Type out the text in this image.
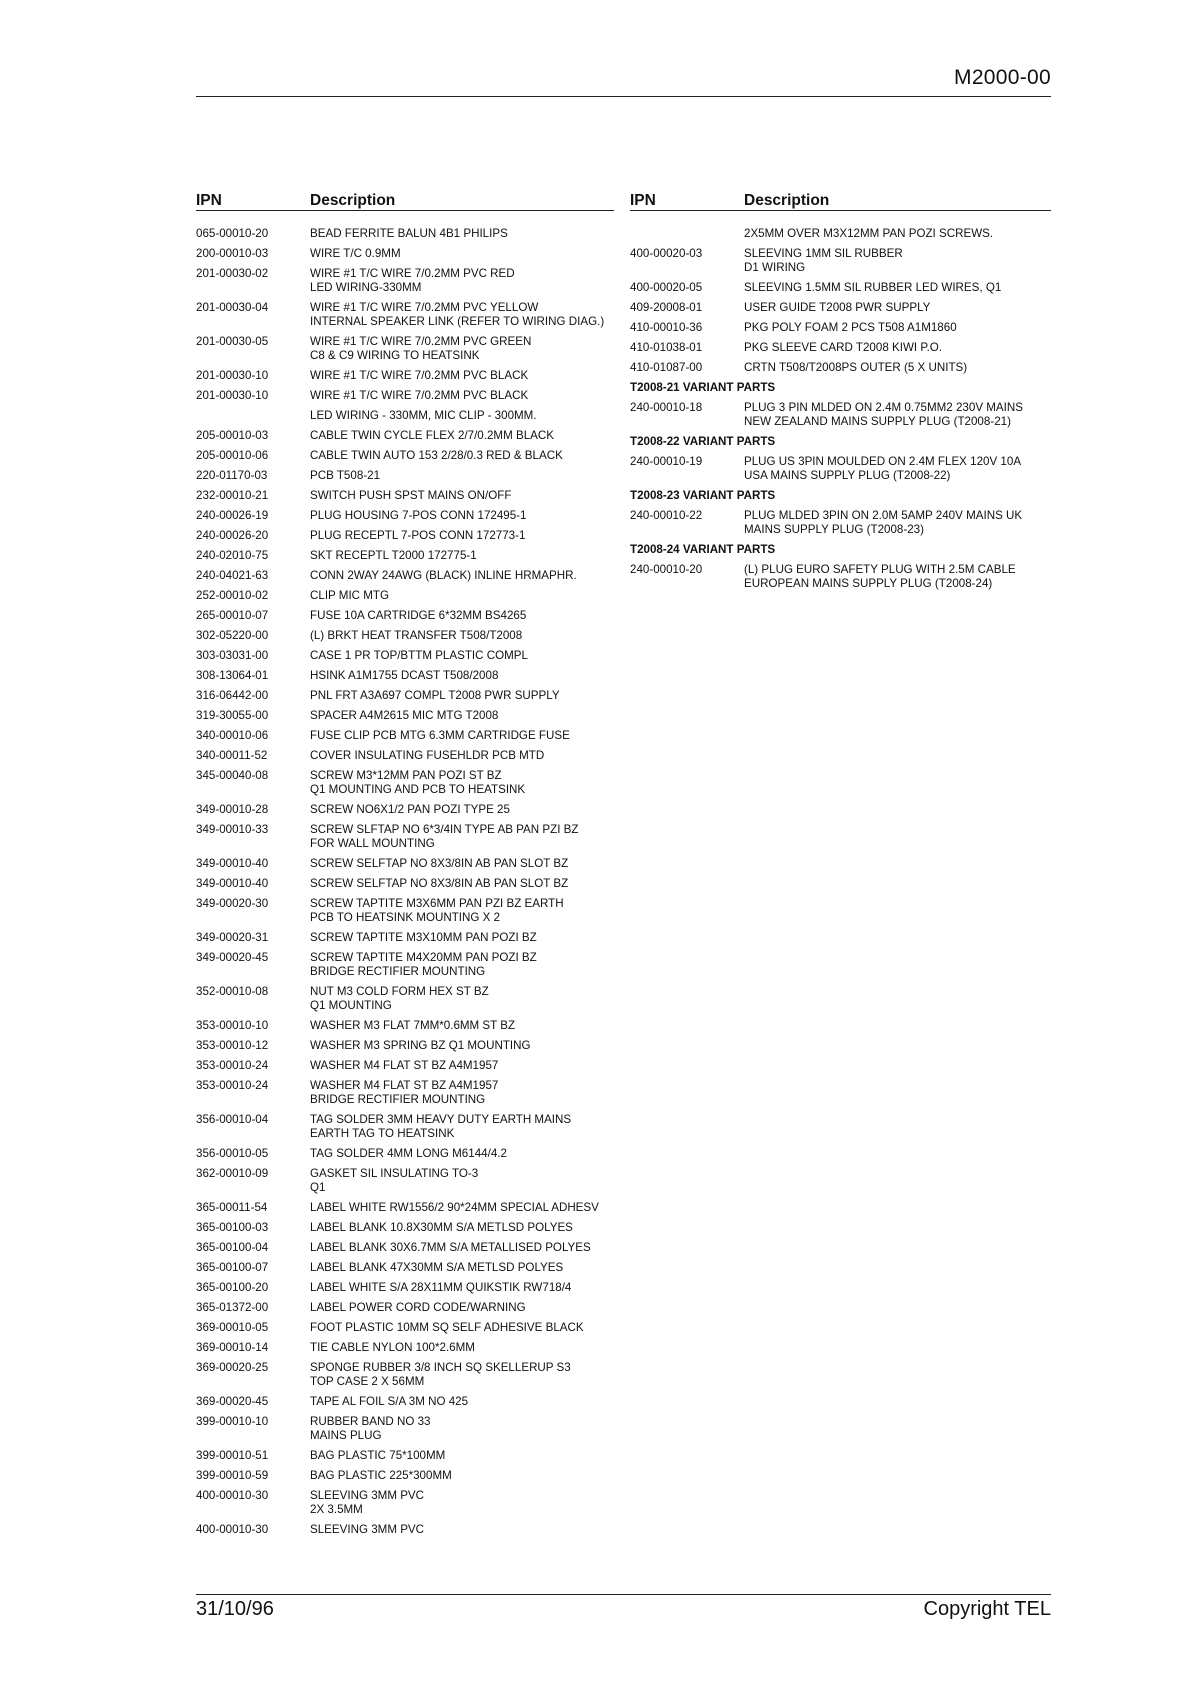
M2000-00
IPN	Description
065-00010-20	BEAD FERRITE BALUN 4B1 PHILIPS
200-00010-03	WIRE T/C 0.9MM
201-00030-02	WIRE #1 T/C WIRE 7/0.2MM PVC RED
LED WIRING-330MM
201-00030-04	WIRE #1 T/C WIRE 7/0.2MM PVC YELLOW
INTERNAL SPEAKER LINK (REFER TO WIRING DIAG.)
201-00030-05	WIRE #1 T/C WIRE 7/0.2MM PVC GREEN
C8 & C9 WIRING TO HEATSINK
201-00030-10	WIRE #1 T/C WIRE 7/0.2MM PVC BLACK
201-00030-10	WIRE #1 T/C WIRE 7/0.2MM PVC BLACK
LED WIRING - 330MM, MIC CLIP - 300MM.
205-00010-03	CABLE TWIN CYCLE FLEX 2/7/0.2MM BLACK
205-00010-06	CABLE TWIN AUTO 153 2/28/0.3 RED & BLACK
220-01170-03	PCB T508-21
232-00010-21	SWITCH PUSH SPST MAINS ON/OFF
240-00026-19	PLUG HOUSING 7-POS CONN 172495-1
240-00026-20	PLUG RECEPTL 7-POS CONN 172773-1
240-02010-75	SKT RECEPTL T2000 172775-1
240-04021-63	CONN 2WAY 24AWG (BLACK) INLINE HRMAPHR.
252-00010-02	CLIP MIC MTG
265-00010-07	FUSE 10A CARTRIDGE 6*32MM BS4265
302-05220-00	(L) BRKT HEAT TRANSFER T508/T2008
303-03031-00	CASE 1 PR TOP/BTTM PLASTIC COMPL
308-13064-01	HSINK A1M1755 DCAST T508/2008
316-06442-00	PNL FRT A3A697 COMPL T2008 PWR SUPPLY
319-30055-00	SPACER A4M2615 MIC MTG T2008
340-00010-06	FUSE CLIP PCB MTG 6.3MM CARTRIDGE FUSE
340-00011-52	COVER INSULATING FUSEHLDR PCB MTD
345-00040-08	SCREW M3*12MM PAN POZI ST BZ
Q1 MOUNTING AND PCB TO HEATSINK
349-00010-28	SCREW NO6X1/2 PAN POZI TYPE 25
349-00010-33	SCREW SLFTAP NO 6*3/4IN TYPE AB PAN PZI BZ
FOR WALL MOUNTING
349-00010-40	SCREW SELFTAP NO 8X3/8IN AB PAN SLOT BZ
349-00010-40	SCREW SELFTAP NO 8X3/8IN AB PAN SLOT BZ
349-00020-30	SCREW TAPTITE M3X6MM PAN PZI BZ EARTH
PCB TO HEATSINK MOUNTING X 2
349-00020-31	SCREW TAPTITE M3X10MM PAN POZI BZ
349-00020-45	SCREW TAPTITE M4X20MM PAN POZI BZ
BRIDGE RECTIFIER MOUNTING
352-00010-08	NUT M3 COLD FORM HEX ST BZ
Q1 MOUNTING
353-00010-10	WASHER M3 FLAT 7MM*0.6MM ST BZ
353-00010-12	WASHER M3 SPRING BZ Q1 MOUNTING
353-00010-24	WASHER M4 FLAT ST BZ A4M1957
353-00010-24	WASHER M4 FLAT ST BZ A4M1957
BRIDGE RECTIFIER MOUNTING
356-00010-04	TAG SOLDER 3MM HEAVY DUTY EARTH MAINS
EARTH TAG TO HEATSINK
356-00010-05	TAG SOLDER 4MM LONG M6144/4.2
362-00010-09	GASKET SIL INSULATING TO-3
Q1
365-00011-54	LABEL WHITE RW1556/2 90*24MM SPECIAL ADHESV
365-00100-03	LABEL BLANK 10.8X30MM S/A METLSD POLYES
365-00100-04	LABEL BLANK 30X6.7MM S/A METALLISED POLYES
365-00100-07	LABEL BLANK 47X30MM S/A METLSD POLYES
365-00100-20	LABEL WHITE S/A 28X11MM QUIKSTIK RW718/4
365-01372-00	LABEL POWER CORD CODE/WARNING
369-00010-05	FOOT PLASTIC 10MM SQ SELF ADHESIVE BLACK
369-00010-14	TIE CABLE NYLON 100*2.6MM
369-00020-25	SPONGE RUBBER 3/8 INCH SQ SKELLERUP S3
TOP CASE 2 X 56MM
369-00020-45	TAPE AL FOIL S/A 3M NO 425
399-00010-10	RUBBER BAND NO 33
MAINS PLUG
399-00010-51	BAG PLASTIC 75*100MM
399-00010-59	BAG PLASTIC 225*300MM
400-00010-30	SLEEVING 3MM PVC
2X 3.5MM
400-00010-30	SLEEVING 3MM PVC
IPN	Description
2X5MM OVER M3X12MM PAN POZI SCREWS.
400-00020-03	SLEEVING 1MM SIL RUBBER
D1 WIRING
400-00020-05	SLEEVING 1.5MM SIL RUBBER LED WIRES, Q1
409-20008-01	USER GUIDE T2008 PWR SUPPLY
410-00010-36	PKG POLY FOAM 2 PCS T508 A1M1860
410-01038-01	PKG SLEEVE CARD T2008 KIWI P.O.
410-01087-00	CRTN T508/T2008PS OUTER (5 X UNITS)
T2008-21 VARIANT PARTS
240-00010-18	PLUG 3 PIN MLDED ON 2.4M 0.75MM2 230V MAINS
NEW ZEALAND MAINS SUPPLY PLUG (T2008-21)
T2008-22 VARIANT PARTS
240-00010-19	PLUG US 3PIN MOULDED ON 2.4M FLEX 120V 10A
USA MAINS SUPPLY PLUG (T2008-22)
T2008-23 VARIANT PARTS
240-00010-22	PLUG MLDED 3PIN ON 2.0M 5AMP 240V MAINS UK
MAINS SUPPLY PLUG (T2008-23)
T2008-24 VARIANT PARTS
240-00010-20	(L) PLUG EURO SAFETY PLUG WITH 2.5M CABLE
EUROPEAN MAINS SUPPLY PLUG (T2008-24)
31/10/96	Copyright TEL
